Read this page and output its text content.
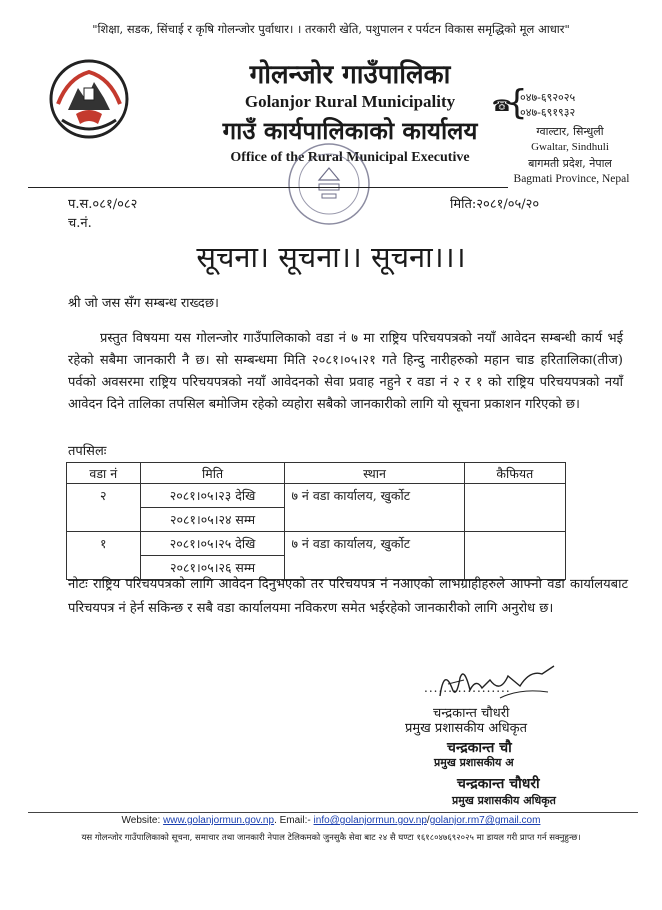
"शिक्षा, सडक, सिंचाई र कृषि गोलन्जोर पुर्वाधार। । तरकारी खेति, पशुपालन र पर्यटन विकास समृद्धिको मूल आधार"
गोलन्जोर गाउँपालिका
Golanjor Rural Municipality
गाउँ कार्यपालिकाको कार्यालय
Office of the Rural Municipal Executive
☎
{
०४७-६९२०२५
०४७-६९१९३२
ग्वाल्टार, सिन्धुली
Gwaltar, Sindhuli
बागमती प्रदेश, नेपाल
Bagmati Province, Nepal
प.स.०८१/०८२
च.नं.
मिति:२०८१/०५/२०
सूचना। सूचना।। सूचना।।।
श्री जो जस सँग सम्बन्ध राख्दछ।
प्रस्तुत विषयमा यस गोलन्जोर गाउँपालिकाको वडा नं ७ मा राष्ट्रिय परिचयपत्रको नयाँ आवेदन सम्बन्धी कार्य भई रहेको सबैमा जानकारी नै छ। सो सम्बन्धमा मिति २०८१।०५।२१ गते हिन्दु नारीहरुको महान चाड हरितालिका(तीज) पर्वको अवसरमा राष्ट्रिय परिचयपत्रको नयाँ आवेदनको सेवा प्रवाह नहुने र वडा नं २ र १ को राष्ट्रिय परिचयपत्रको नयाँ आवेदन दिने तालिका तपसिल बमोजिम रहेको व्यहोरा सबैको जानकारीको लागि यो सूचना प्रकाशन गरिएको छ।
तपसिलः
वडा नं	मिति	स्थान	कैफियत
२	२०८१।०५।२३ देखि	७ नं वडा कार्यालय, खुर्कोट	
	२०८१।०५।२४ सम्म		
१	२०८१।०५।२५ देखि	७ नं वडा कार्यालय, खुर्कोट	
	२०८१।०५।२६ सम्म		
नोटः राष्ट्रिय परिचयपत्रको लागि आवेदन दिनुभएको तर परिचयपत्र नं नआएको लाभग्राहीहरुले आफ्नो वडा कार्यालयबाट परिचयपत्र नं हेर्न सकिन्छ र सबै वडा कार्यालयमा नविकरण समेत भईरहेको जानकारीको लागि अनुरोध छ।
..................
चन्द्रकान्त चौधरी
प्रमुख प्रशासकीय अधिकृत
चन्द्रकान्त चौ
प्रमुख प्रशासकीय अ
चन्द्रकान्त चौधरी
प्रमुख प्रशासकीय अधिकृत
Website: www.golanjormun.gov.np. Email:- info@golanjormun.gov.np/golanjor.rm7@gmail.com
यस गोलन्जोर गाउँपालिकाको सूचना, समाचार तथा जानकारी नेपाल टेलिकमको जुनसुकै सेवा बाट २४ सै घण्टा १६१८०४७६९२०२५ मा डायल गरी प्राप्त गर्न सक्नुहुन्छ।
